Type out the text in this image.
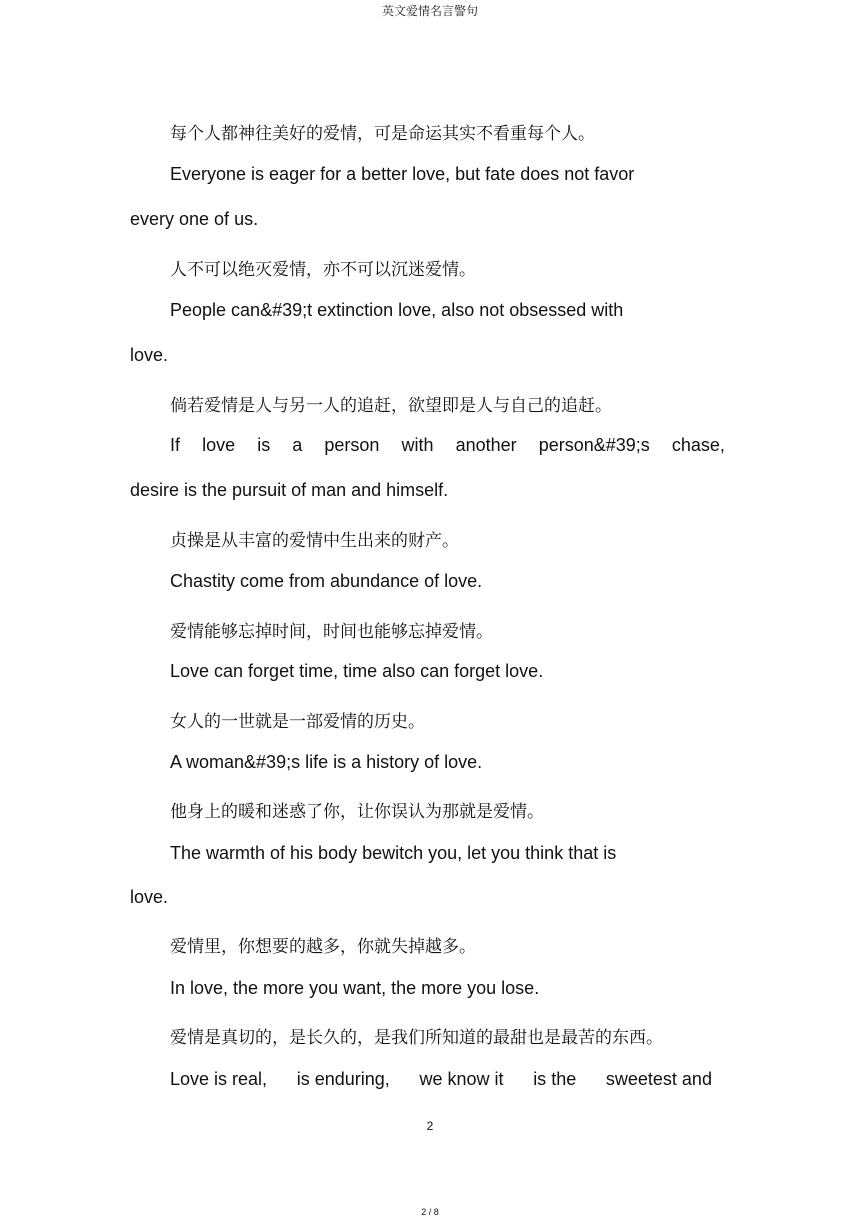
英文爱情名言警句

每个人都神往美好的爱情，可是命运其实不看重每个人。

Everyone is eager for a better love, but fate does not favor

every one of us.

人不可以绝灭爱情，亦不可以沉迷爱情。

People can&#39;t extinction love, also not obsessed with

love.

倘若爱情是人与另一人的追赶，欲望即是人与自己的追赶。

If love is a person with another person&#39;s chase,

desire is the pursuit of man and himself.

贞操是从丰富的爱情中生出来的财产。

Chastity come from abundance of love.

爱情能够忘掉时间，时间也能够忘掉爱情。

Love can forget time, time also can forget love.

女人的一世就是一部爱情的历史。

A woman&#39;s life is a history of love.

他身上的暖和迷惑了你，让你误认为那就是爱情。

The warmth of his body bewitch you, let you think that is

love.

爱情里，你想要的越多，你就失掉越多。

In love, the more you want, the more you lose.

爱情是真切的，是长久的，是我们所知道的最甜也是最苦的东西。

Love is real, is enduring, we know it is the sweetest and

2
2 / 8
